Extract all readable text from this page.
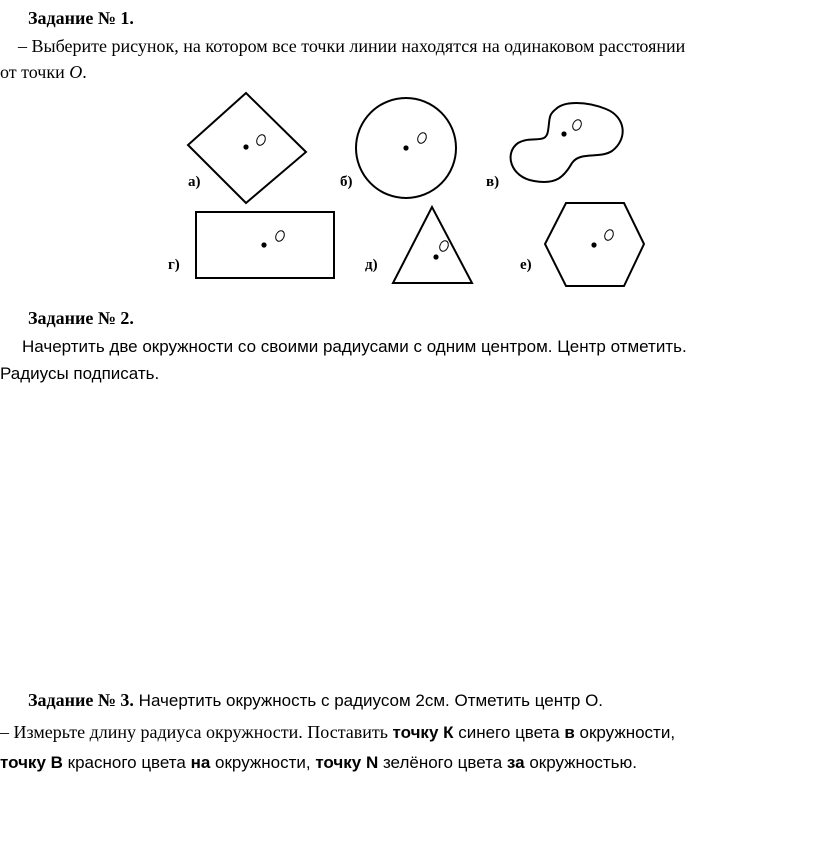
Задание № 1.
– Выберите рисунок, на котором все точки линии находятся на одинаковом расстоянии
от точки О.
а)	б)	в)
г)	д)	е)
Задание № 2.
Начертить две окружности со своими радиусами с одним центром. Центр отметить.
Радиусы подписать.
Задание № 3. Начертить окружность с радиусом 2см. Отметить центр О.
– Измерьте длину радиуса окружности. Поставить точку К синего цвета в окружности,
точку В красного цвета на окружности, точку N зелёного цвета за окружностью.
